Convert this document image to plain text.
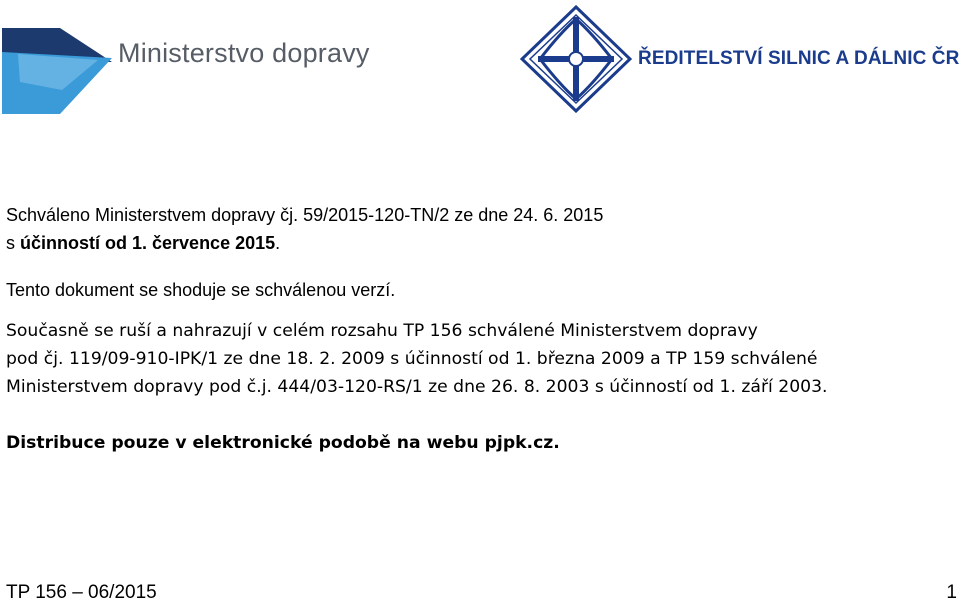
Ministerstvo dopravy	ŘEDITELSTVÍ SILNIC A DÁLNIC ČR
Schváleno Ministerstvem dopravy čj. 59/2015-120-TN/2 ze dne 24. 6. 2015
s účinností od 1. července 2015.
Tento dokument se shoduje se schválenou verzí.
Současně se ruší a nahrazují v celém rozsahu TP 156 schválené Ministerstvem dopravy
pod čj. 119/09-910-IPK/1 ze dne 18. 2. 2009 s účinností od 1. března 2009 a TP 159 schválené
Ministerstvem dopravy pod č.j. 444/03-120-RS/1 ze dne 26. 8. 2003 s účinností od 1. září 2003.
Distribuce pouze v elektronické podobě na webu pjpk.cz.
TP 156 – 06/2015	1
